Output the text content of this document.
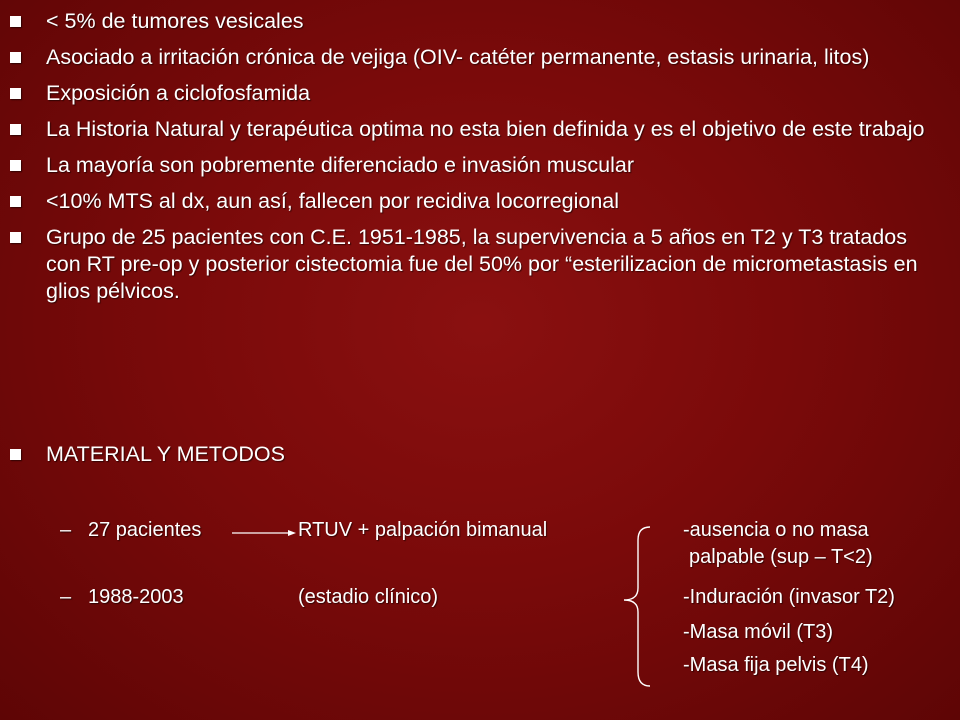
< 5% de tumores vesicales
Asociado a irritación crónica de vejiga (OIV- catéter permanente, estasis urinaria, litos)
Exposición a ciclofosfamida
La Historia Natural y terapéutica optima no esta bien definida y es el objetivo de este trabajo
La mayoría son pobremente diferenciado e invasión muscular
<10% MTS al dx, aun así, fallecen por recidiva locorregional
Grupo de 25 pacientes con C.E. 1951-1985, la supervivencia a 5 años en T2 y T3 tratados con RT pre-op y posterior cistectomia fue del 50% por “esterilizacion de micrometastasis en glios pélvicos.
MATERIAL Y METODOS
– 27 pacientes	RTUV + palpación bimanual
– 1988-2003	(estadio clínico)
-ausencia o no masa
palpable (sup – T<2)
-Induración (invasor T2)
-Masa móvil (T3)
-Masa fija pelvis (T4)
